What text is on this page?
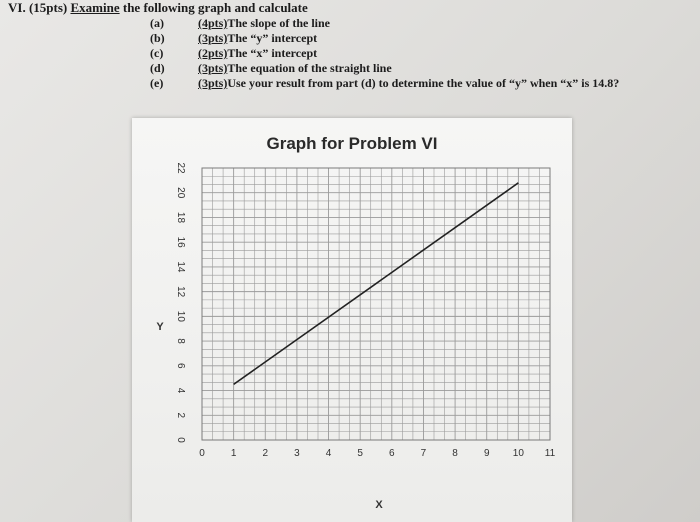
VI. (15pts) Examine the following graph and calculate
(a)	(4pts)The slope of the line
(b)	(3pts)The “y” intercept
(c)	(2pts)The “x” intercept
(d)	(3pts)The equation of the straight line
(e)	(3pts)Use your result from part (d) to determine the value of “y” when “x” is 14.8?
Graph for Problem VI
0
2
4
6
8
10
12
14
16
18
20
22
0	1	2	3	4	5	6	7	8	9 10 11
Y
X
